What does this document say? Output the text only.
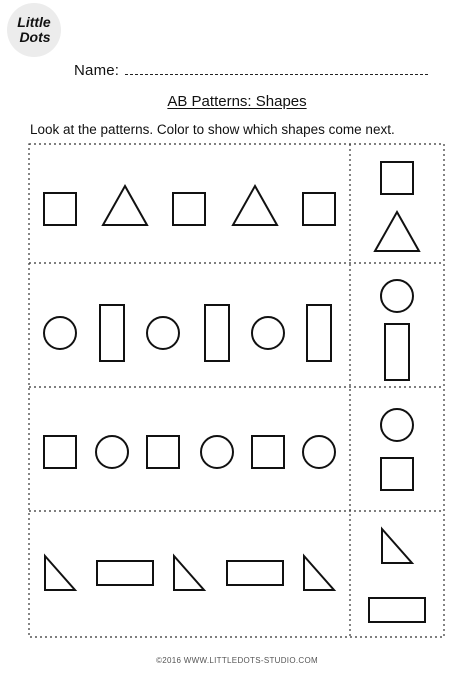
Little
Dots
Name:
AB Patterns: Shapes
Look at the patterns. Color to show which shapes come next.
©2016 WWW.LITTLEDOTS-STUDIO.COM
